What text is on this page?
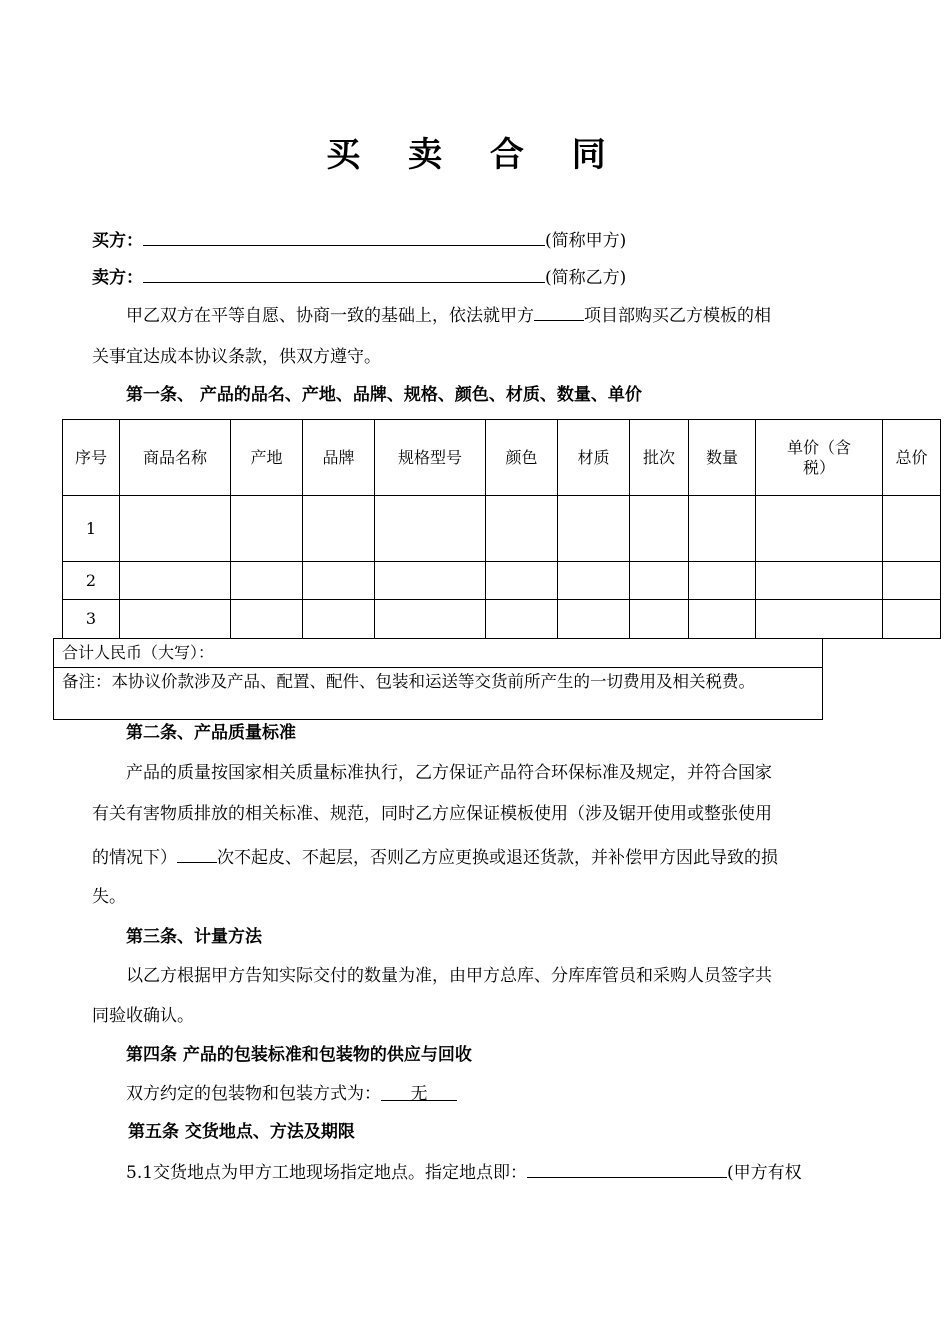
买 卖 合 同
买方：	(简称甲方)
卖方：	(简称乙方)
甲乙双方在平等自愿、协商一致的基础上，依法就甲方	项目部购买乙方模板的相
关事宜达成本协议条款，供双方遵守。
第一条、 产品的品名、产地、品牌、规格、颜色、材质、数量、单价
序号	商品名称	产地	品牌	规格型号	颜色	材质	批次	数量	单价（含税）	总价
1										
2										
3										
合计人民币（大写）：
备注：本协议价款涉及产品、配置、配件、包装和运送等交货前所产生的一切费用及相关税费。
第二条、产品质量标准
产品的质量按国家相关质量标准执行，乙方保证产品符合环保标准及规定，并符合国家
有关有害物质排放的相关标准、规范，同时乙方应保证模板使用（涉及锯开使用或整张使用
的情况下） 次不起皮、不起层，否则乙方应更换或退还货款，并补偿甲方因此导致的损
失。
第三条、计量方法
以乙方根据甲方告知实际交付的数量为准，由甲方总库、分库库管员和采购人员签字共
同验收确认。
第四条 产品的包装标准和包装物的供应与回收
双方约定的包装物和包装方式为： 无
第五条 交货地点、方法及期限
5.1交货地点为甲方工地现场指定地点。指定地点即：	(甲方有权
